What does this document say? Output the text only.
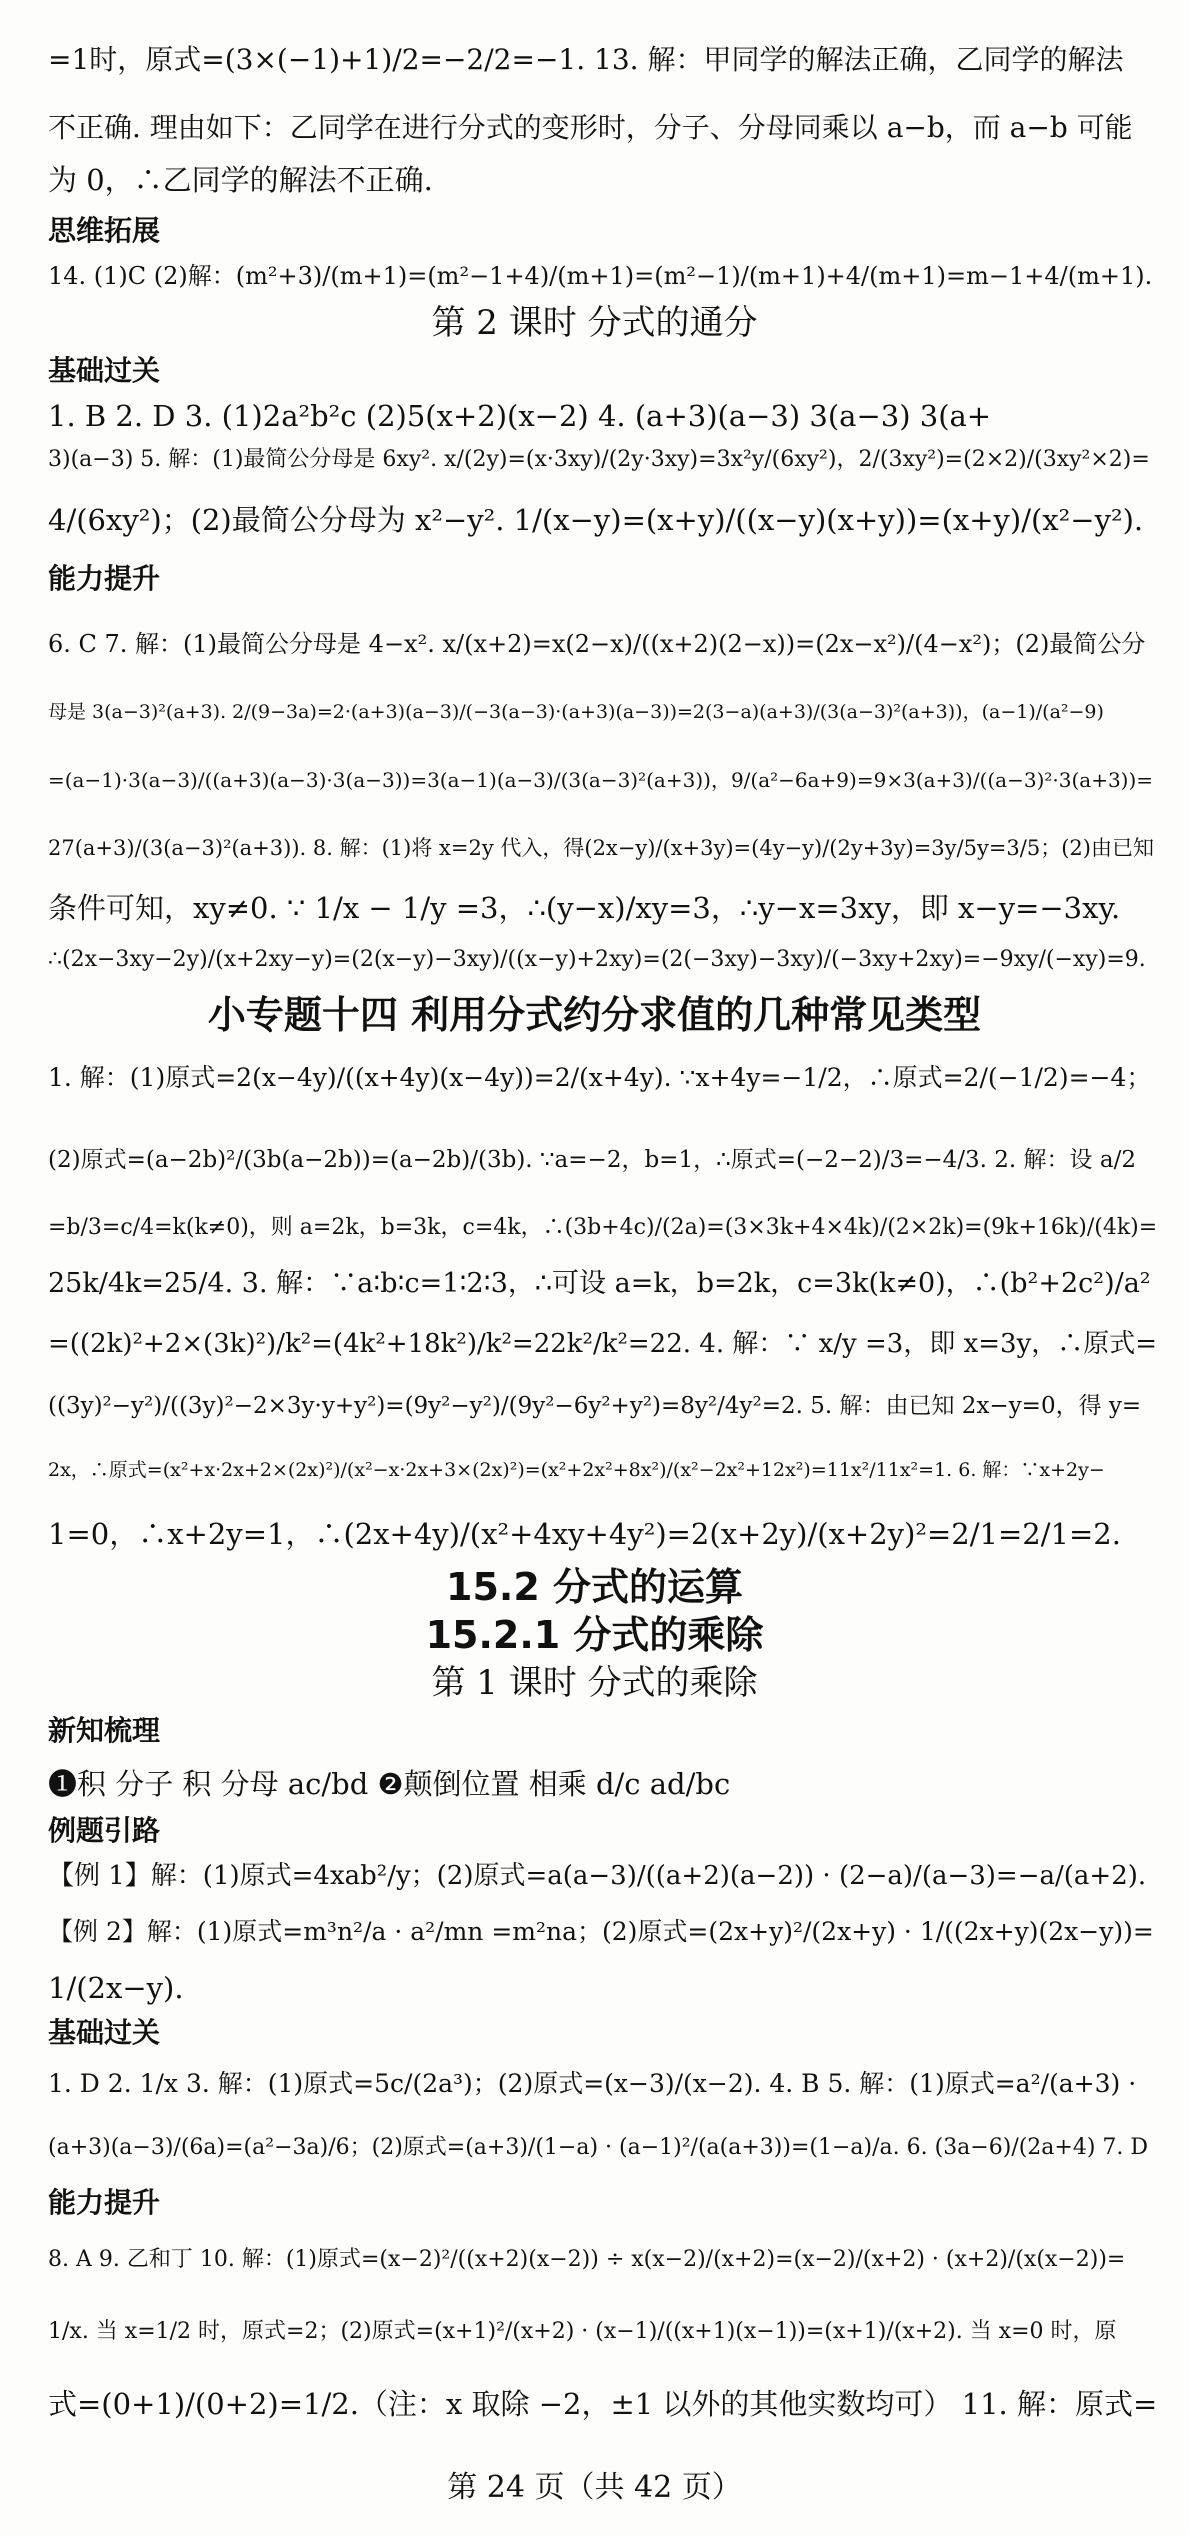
=1时，原式=(3×(−1)+1)/2=−2/2=−1. 13. 解：甲同学的解法正确，乙同学的解法
不正确. 理由如下：乙同学在进行分式的变形时，分子、分母同乘以 a−b，而 a−b 可能
为 0，∴乙同学的解法不正确.
思维拓展
14. (1)C (2)解：(m²+3)/(m+1)=(m²−1+4)/(m+1)=(m²−1)/(m+1)+4/(m+1)=m−1+4/(m+1).
第 2 课时 分式的通分
基础过关
1. B 2. D 3. (1)2a²b²c (2)5(x+2)(x−2) 4. (a+3)(a−3) 3(a−3) 3(a+
3)(a−3) 5. 解：(1)最简公分母是 6xy². x/(2y)=(x·3xy)/(2y·3xy)=3x²y/(6xy²)，2/(3xy²)=(2×2)/(3xy²×2)=
4/(6xy²)；(2)最简公分母为 x²−y². 1/(x−y)=(x+y)/((x−y)(x+y))=(x+y)/(x²−y²).
能力提升
6. C 7. 解：(1)最简公分母是 4−x². x/(x+2)=x(2−x)/((x+2)(2−x))=(2x−x²)/(4−x²)；(2)最简公分
母是 3(a−3)²(a+3). 2/(9−3a)=2·(a+3)(a−3)/(−3(a−3)·(a+3)(a−3))=2(3−a)(a+3)/(3(a−3)²(a+3))，(a−1)/(a²−9)
=(a−1)·3(a−3)/((a+3)(a−3)·3(a−3))=3(a−1)(a−3)/(3(a−3)²(a+3))，9/(a²−6a+9)=9×3(a+3)/((a−3)²·3(a+3))=
27(a+3)/(3(a−3)²(a+3)). 8. 解：(1)将 x=2y 代入，得(2x−y)/(x+3y)=(4y−y)/(2y+3y)=3y/5y=3/5；(2)由已知
条件可知，xy≠0. ∵ 1/x − 1/y =3，∴(y−x)/xy=3，∴y−x=3xy，即 x−y=−3xy.
∴(2x−3xy−2y)/(x+2xy−y)=(2(x−y)−3xy)/((x−y)+2xy)=(2(−3xy)−3xy)/(−3xy+2xy)=−9xy/(−xy)=9.
小专题十四 利用分式约分求值的几种常见类型
1. 解：(1)原式=2(x−4y)/((x+4y)(x−4y))=2/(x+4y). ∵x+4y=−1/2，∴原式=2/(−1/2)=−4；
(2)原式=(a−2b)²/(3b(a−2b))=(a−2b)/(3b). ∵a=−2，b=1，∴原式=(−2−2)/3=−4/3. 2. 解：设 a/2
=b/3=c/4=k(k≠0)，则 a=2k，b=3k，c=4k，∴(3b+4c)/(2a)=(3×3k+4×4k)/(2×2k)=(9k+16k)/(4k)=
25k/4k=25/4. 3. 解：∵a∶b∶c=1∶2∶3，∴可设 a=k，b=2k，c=3k(k≠0)，∴(b²+2c²)/a²
=((2k)²+2×(3k)²)/k²=(4k²+18k²)/k²=22k²/k²=22. 4. 解：∵ x/y =3，即 x=3y，∴原式=
((3y)²−y²)/((3y)²−2×3y·y+y²)=(9y²−y²)/(9y²−6y²+y²)=8y²/4y²=2. 5. 解：由已知 2x−y=0，得 y=
2x，∴原式=(x²+x·2x+2×(2x)²)/(x²−x·2x+3×(2x)²)=(x²+2x²+8x²)/(x²−2x²+12x²)=11x²/11x²=1. 6. 解：∵x+2y−
1=0，∴x+2y=1，∴(2x+4y)/(x²+4xy+4y²)=2(x+2y)/(x+2y)²=2/1=2/1=2.
15.2 分式的运算
15.2.1 分式的乘除
第 1 课时 分式的乘除
新知梳理
❶积 分子 积 分母 ac/bd ❷颠倒位置 相乘 d/c ad/bc
例题引路
【例 1】解：(1)原式=4xab²/y；(2)原式=a(a−3)/((a+2)(a−2)) · (2−a)/(a−3)=−a/(a+2).
【例 2】解：(1)原式=m³n²/a · a²/mn =m²na；(2)原式=(2x+y)²/(2x+y) · 1/((2x+y)(2x−y))=
1/(2x−y).
基础过关
1. D 2. 1/x 3. 解：(1)原式=5c/(2a³)；(2)原式=(x−3)/(x−2). 4. B 5. 解：(1)原式=a²/(a+3) ·
(a+3)(a−3)/(6a)=(a²−3a)/6；(2)原式=(a+3)/(1−a) · (a−1)²/(a(a+3))=(1−a)/a. 6. (3a−6)/(2a+4) 7. D
能力提升
8. A 9. 乙和丁 10. 解：(1)原式=(x−2)²/((x+2)(x−2)) ÷ x(x−2)/(x+2)=(x−2)/(x+2) · (x+2)/(x(x−2))=
1/x. 当 x=1/2 时，原式=2；(2)原式=(x+1)²/(x+2) · (x−1)/((x+1)(x−1))=(x+1)/(x+2). 当 x=0 时，原
式=(0+1)/(0+2)=1/2.（注：x 取除 −2，±1 以外的其他实数均可） 11. 解：原式=
第 24 页（共 42 页）
